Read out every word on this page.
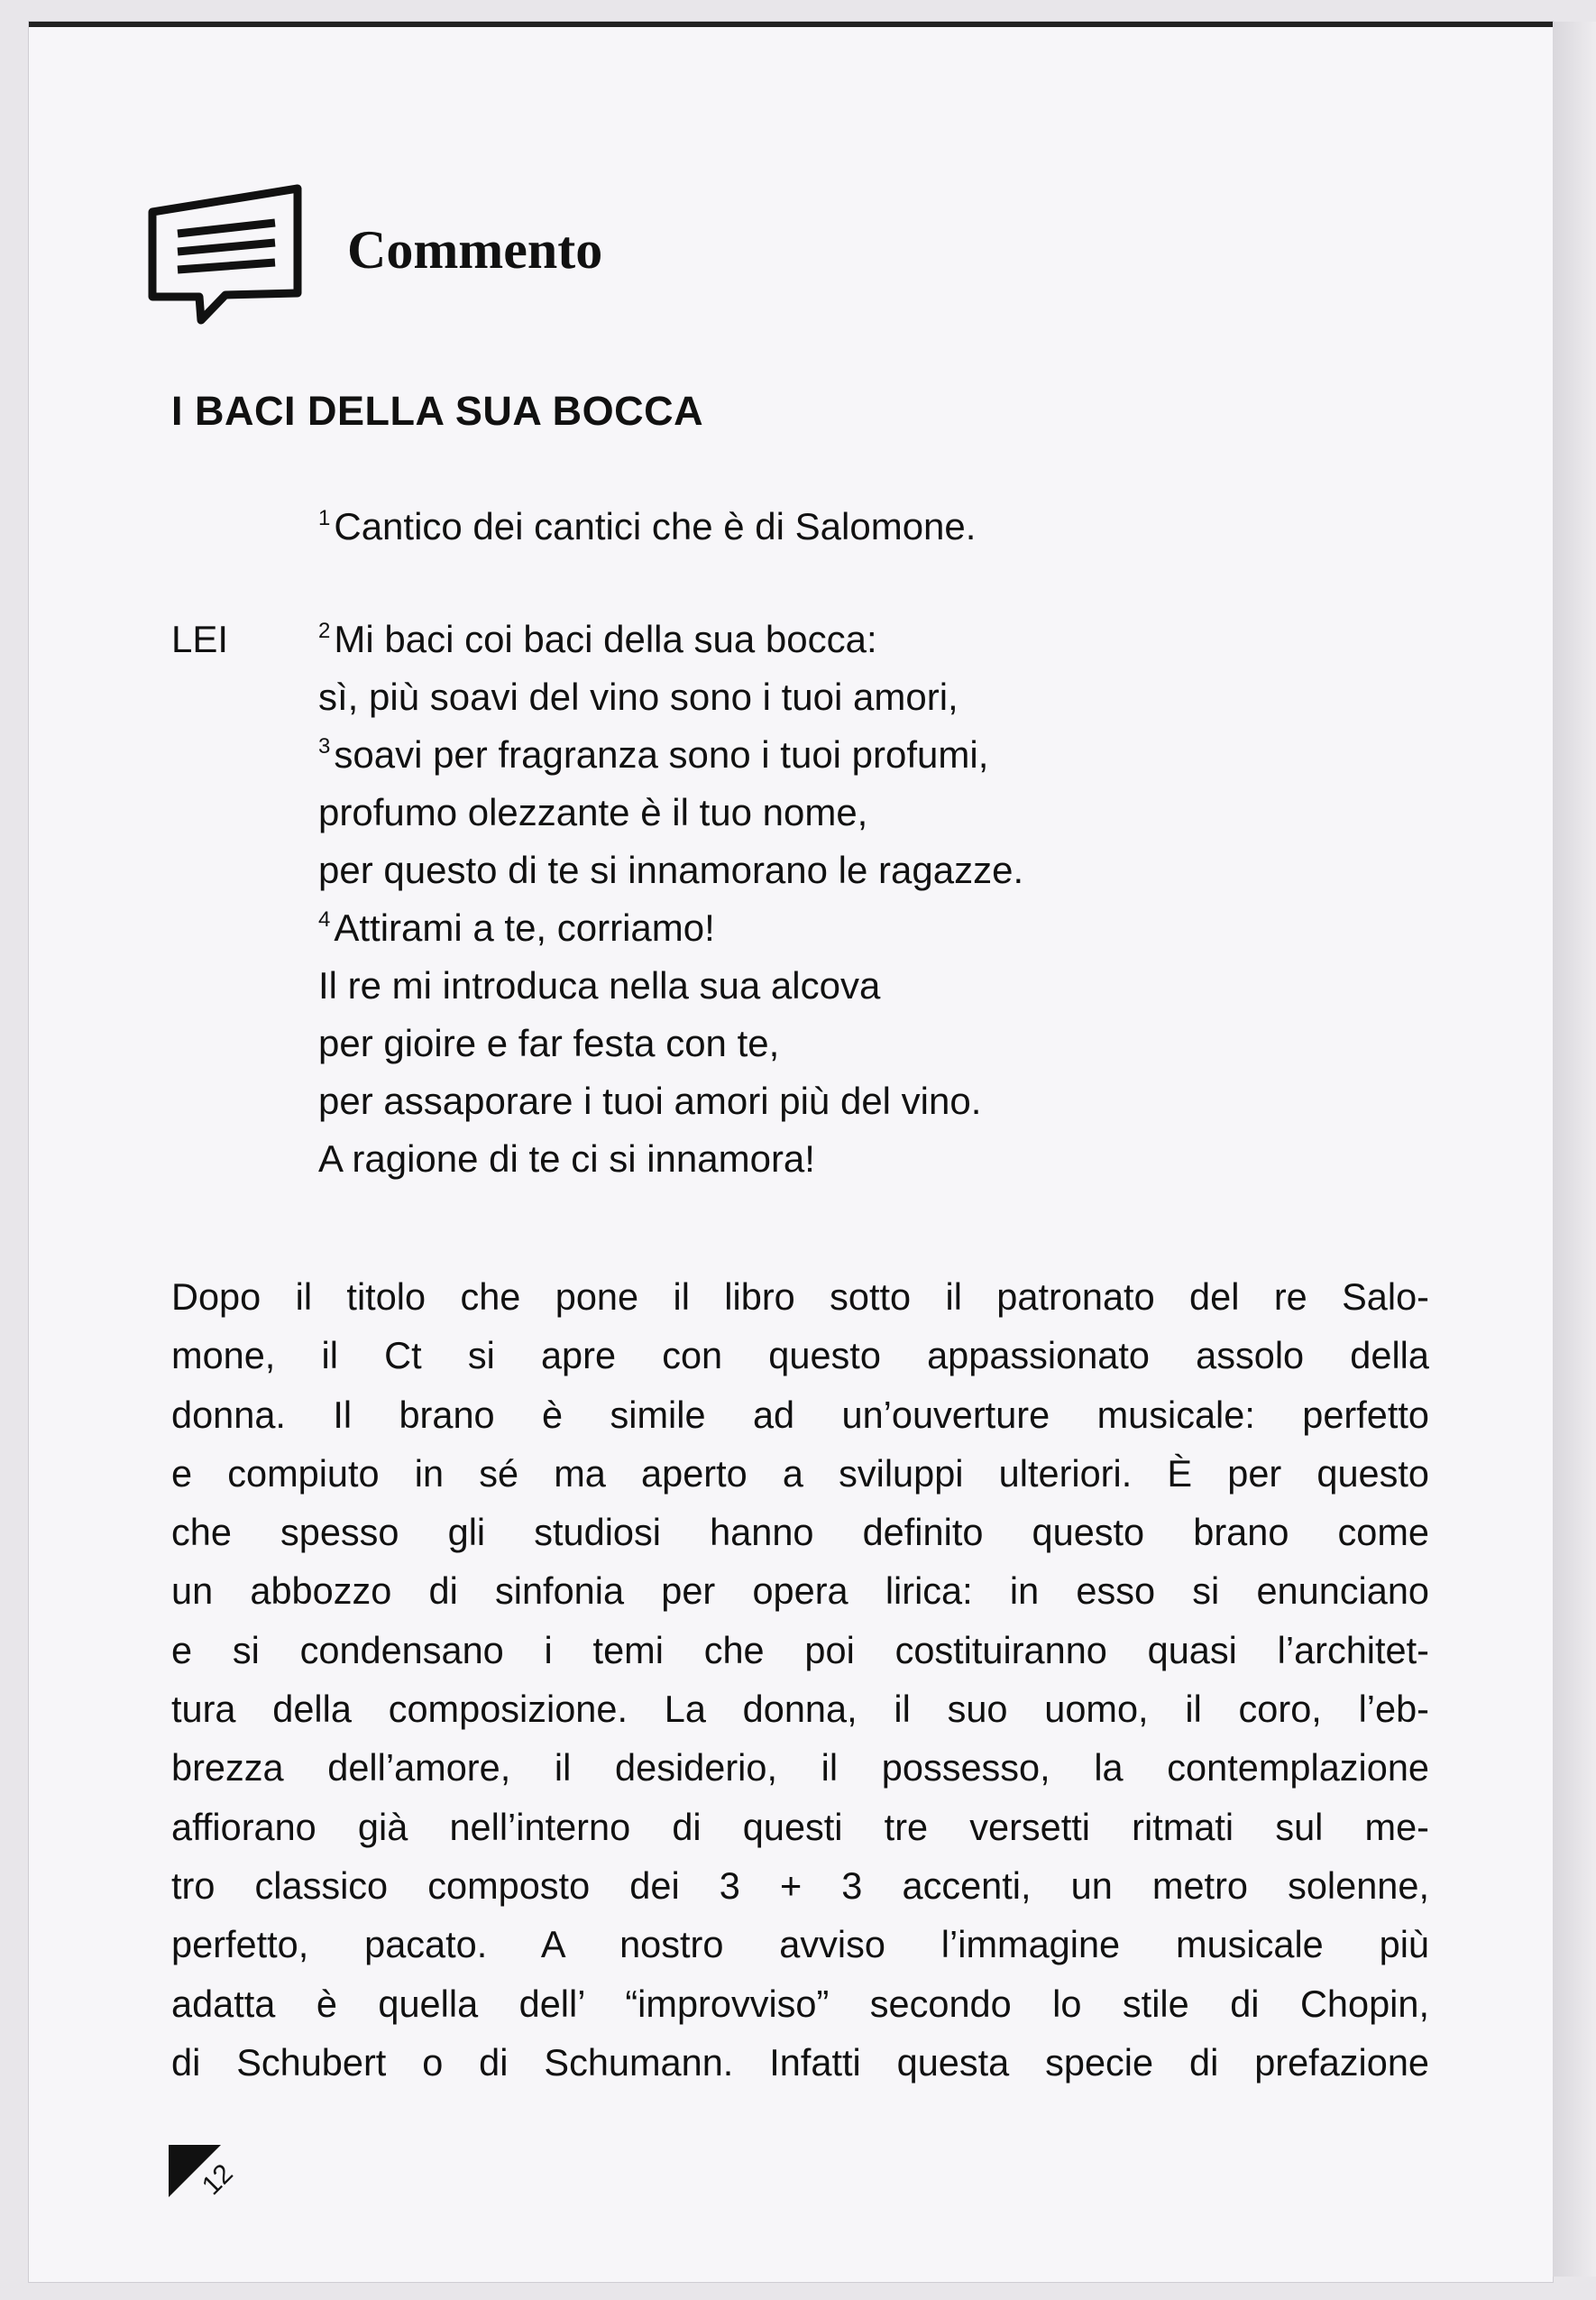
Commento
I BACI DELLA SUA BOCCA
$^1$Cantico dei cantici che è di Salomone.
LEI	$^2$Mi baci coi baci della sua bocca:
sì, più soavi del vino sono i tuoi amori,
$^3$soavi per fragranza sono i tuoi profumi,
profumo olezzante è il tuo nome,
per questo di te si innamorano le ragazze.
$^4$Attirami a te, corriamo!
Il re mi introduca nella sua alcova
per gioire e far festa con te,
per assaporare i tuoi amori più del vino.
A ragione di te ci si innamora!
Dopo il titolo che pone il libro sotto il patronato del re Salo-
mone, il Ct si apre con questo appassionato assolo della
donna. Il brano è simile ad un’ouverture musicale: perfetto
e compiuto in sé ma aperto a sviluppi ulteriori. È per questo
che spesso gli studiosi hanno definito questo brano come
un abbozzo di sinfonia per opera lirica: in esso si enunciano
e si condensano i temi che poi costituiranno quasi l’architet-
tura della composizione. La donna, il suo uomo, il coro, l’eb-
brezza dell’amore, il desiderio, il possesso, la contemplazione
affiorano già nell’interno di questi tre versetti ritmati sul me-
tro classico composto dei 3 + 3 accenti, un metro solenne,
perfetto, pacato. A nostro avviso l’immagine musicale più
adatta è quella dell’ “improvviso” secondo lo stile di Chopin,
di Schubert o di Schumann. Infatti questa specie di prefazione
12
